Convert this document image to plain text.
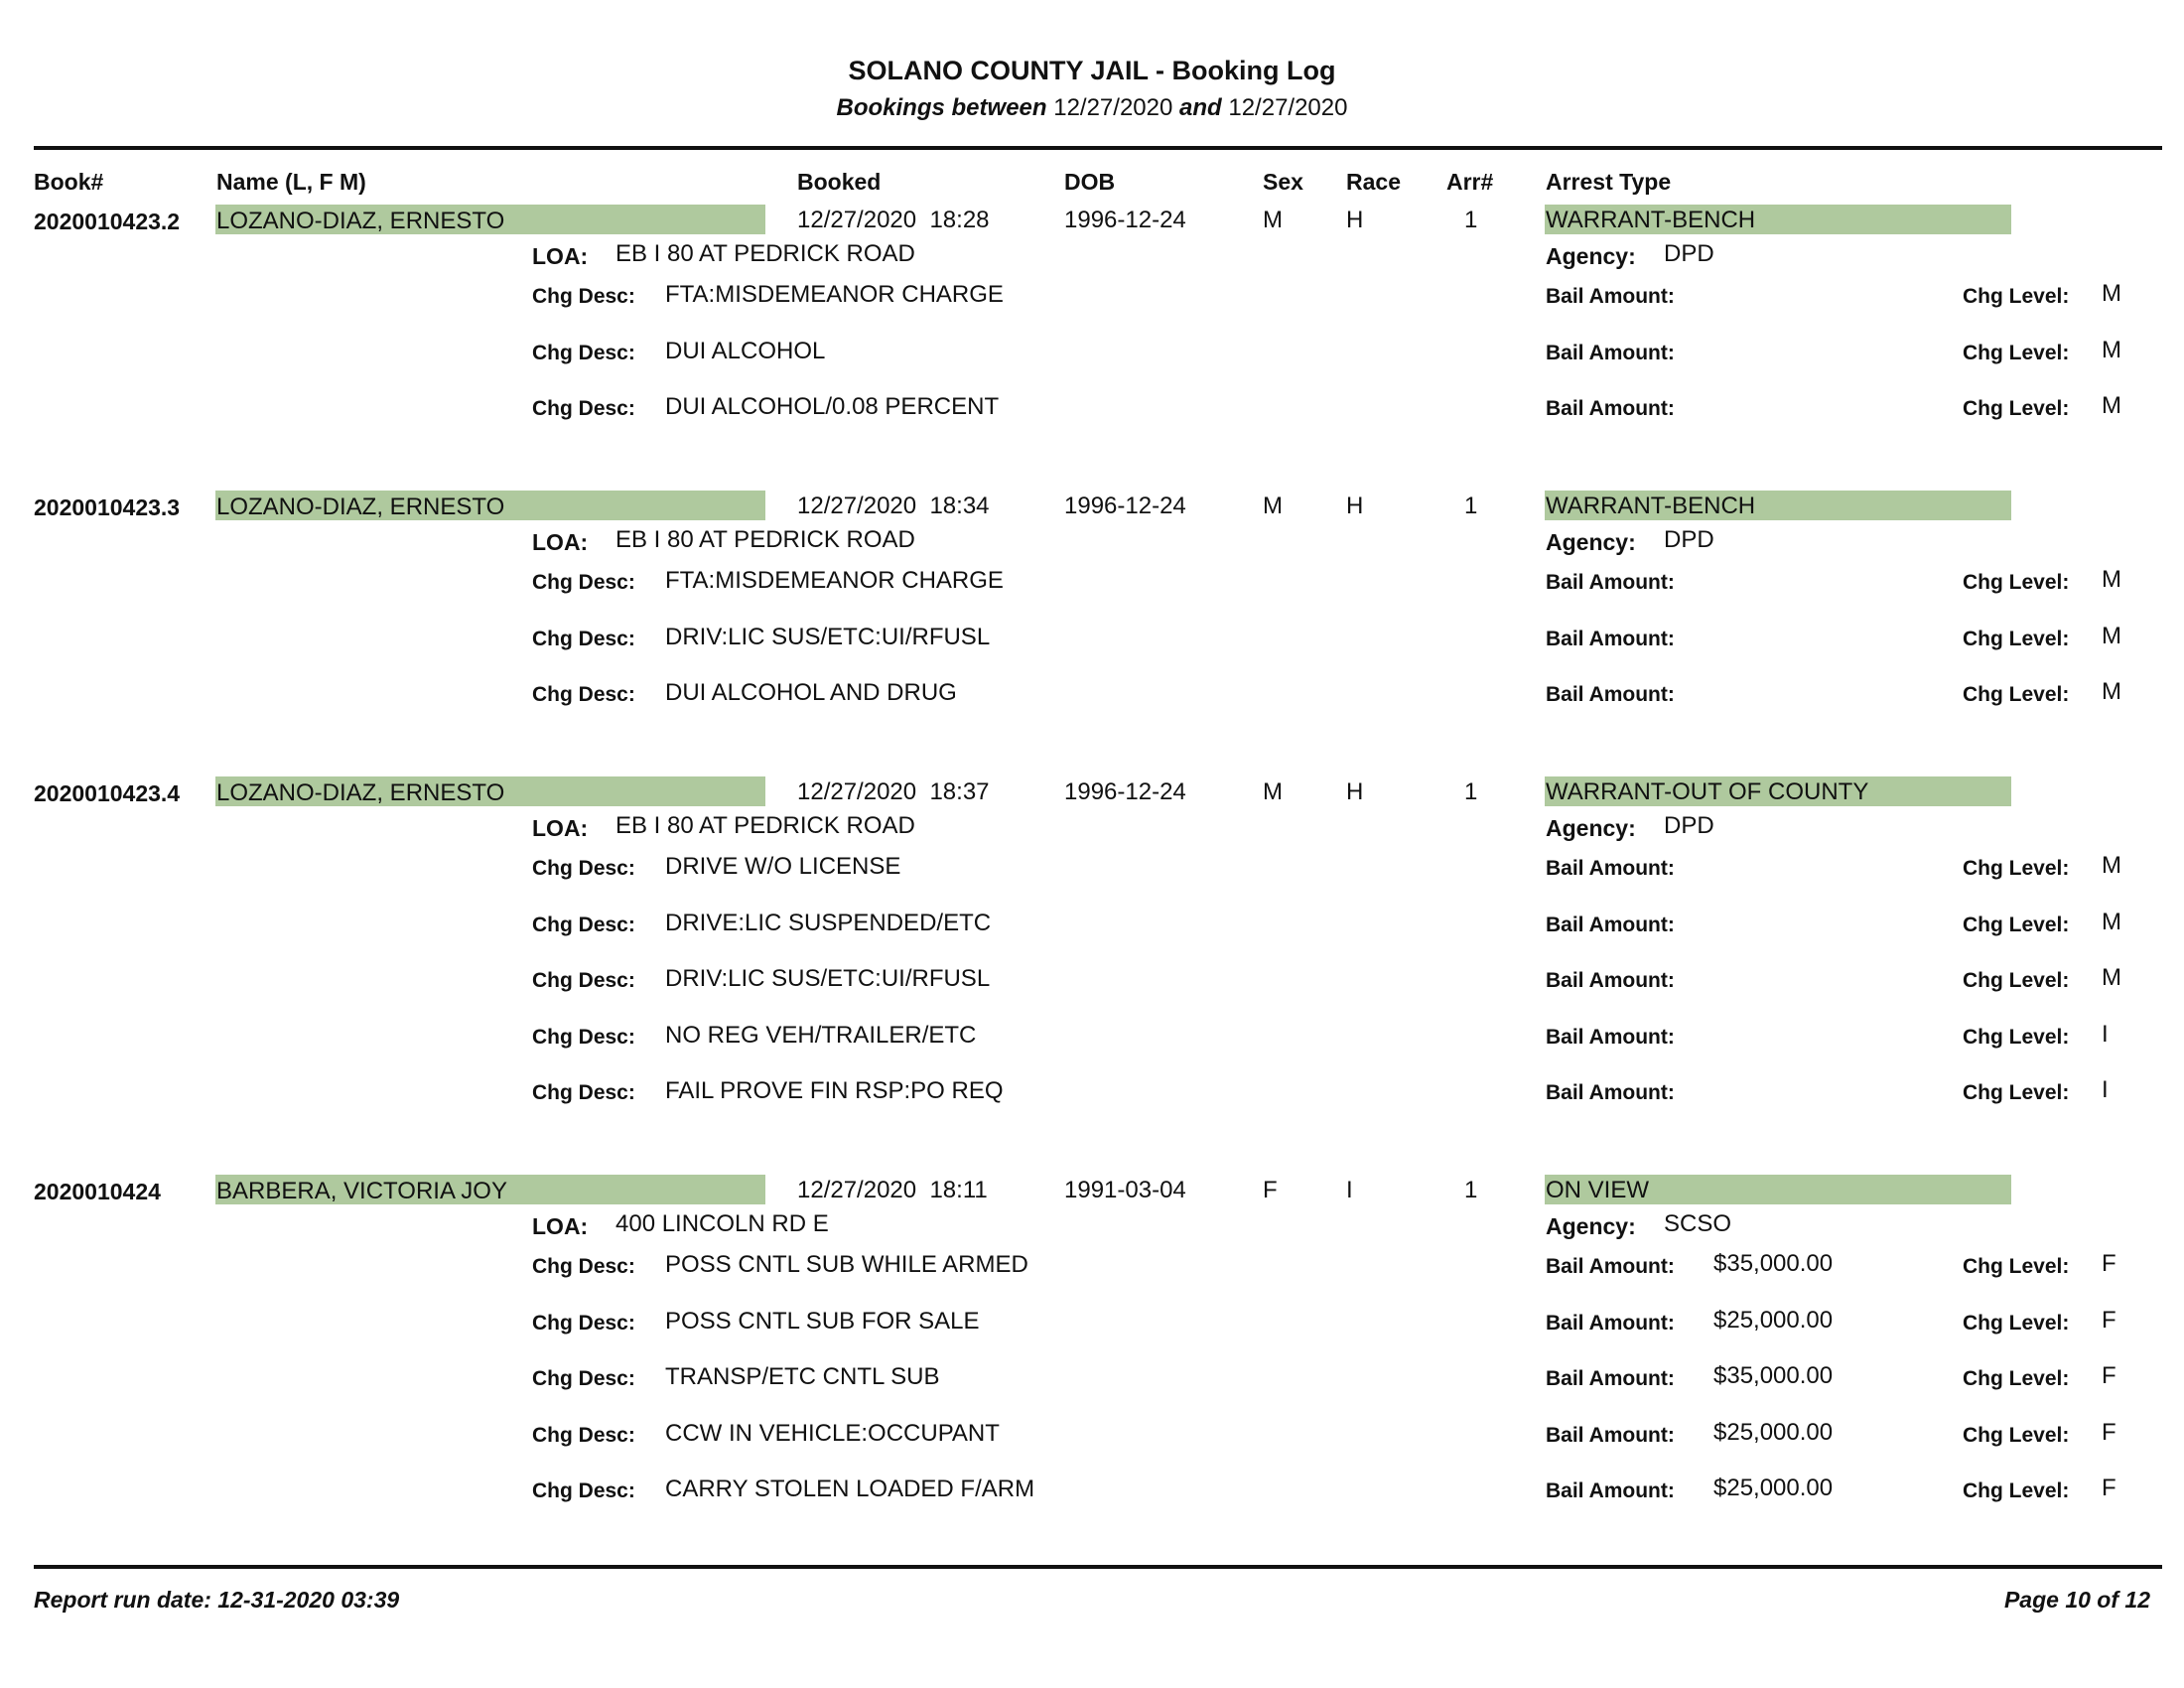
SOLANO COUNTY JAIL - Booking Log
Bookings between 12/27/2020 and 12/27/2020
Book#	Name (L, F M)	Booked	DOB	Sex Race Arr# Arrest Type
2020010423.2 LOZANO-DIAZ, ERNESTO	12/27/2020  18:28	1996-12-24	M	H	1	WARRANT-BENCH
LOA: EB I 80 AT PEDRICK ROAD	Agency: DPD
Chg Desc: FTA:MISDEMEANOR CHARGE	Bail Amount:	Chg Level: M
Chg Desc: DUI ALCOHOL	Bail Amount:	Chg Level: M
Chg Desc: DUI ALCOHOL/0.08 PERCENT	Bail Amount:	Chg Level: M
2020010423.3 LOZANO-DIAZ, ERNESTO	12/27/2020  18:34	1996-12-24	M	H	1	WARRANT-BENCH
LOA: EB I 80 AT PEDRICK ROAD	Agency: DPD
Chg Desc: FTA:MISDEMEANOR CHARGE	Bail Amount:	Chg Level: M
Chg Desc: DRIV:LIC SUS/ETC:UI/RFUSL	Bail Amount:	Chg Level: M
Chg Desc: DUI ALCOHOL AND DRUG	Bail Amount:	Chg Level: M
2020010423.4 LOZANO-DIAZ, ERNESTO	12/27/2020  18:37	1996-12-24	M	H	1	WARRANT-OUT OF COUNTY
LOA: EB I 80 AT PEDRICK ROAD	Agency: DPD
Chg Desc: DRIVE W/O LICENSE	Bail Amount:	Chg Level: M
Chg Desc: DRIVE:LIC SUSPENDED/ETC	Bail Amount:	Chg Level: M
Chg Desc: DRIV:LIC SUS/ETC:UI/RFUSL	Bail Amount:	Chg Level: M
Chg Desc: NO REG VEH/TRAILER/ETC	Bail Amount:	Chg Level: I
Chg Desc: FAIL PROVE FIN RSP:PO REQ	Bail Amount:	Chg Level: I
2020010424 BARBERA, VICTORIA JOY	12/27/2020  18:11	1991-03-04	F	I	1	ON VIEW
LOA: 400 LINCOLN RD E	Agency: SCSO
Chg Desc: POSS CNTL SUB WHILE ARMED	Bail Amount: $35,000.00	Chg Level: F
Chg Desc: POSS CNTL SUB FOR SALE	Bail Amount: $25,000.00	Chg Level: F
Chg Desc: TRANSP/ETC CNTL SUB	Bail Amount: $35,000.00	Chg Level: F
Chg Desc: CCW IN VEHICLE:OCCUPANT	Bail Amount: $25,000.00	Chg Level: F
Chg Desc: CARRY STOLEN LOADED F/ARM	Bail Amount: $25,000.00	Chg Level: F
Report run date: 12-31-2020 03:39	Page 10 of 12
